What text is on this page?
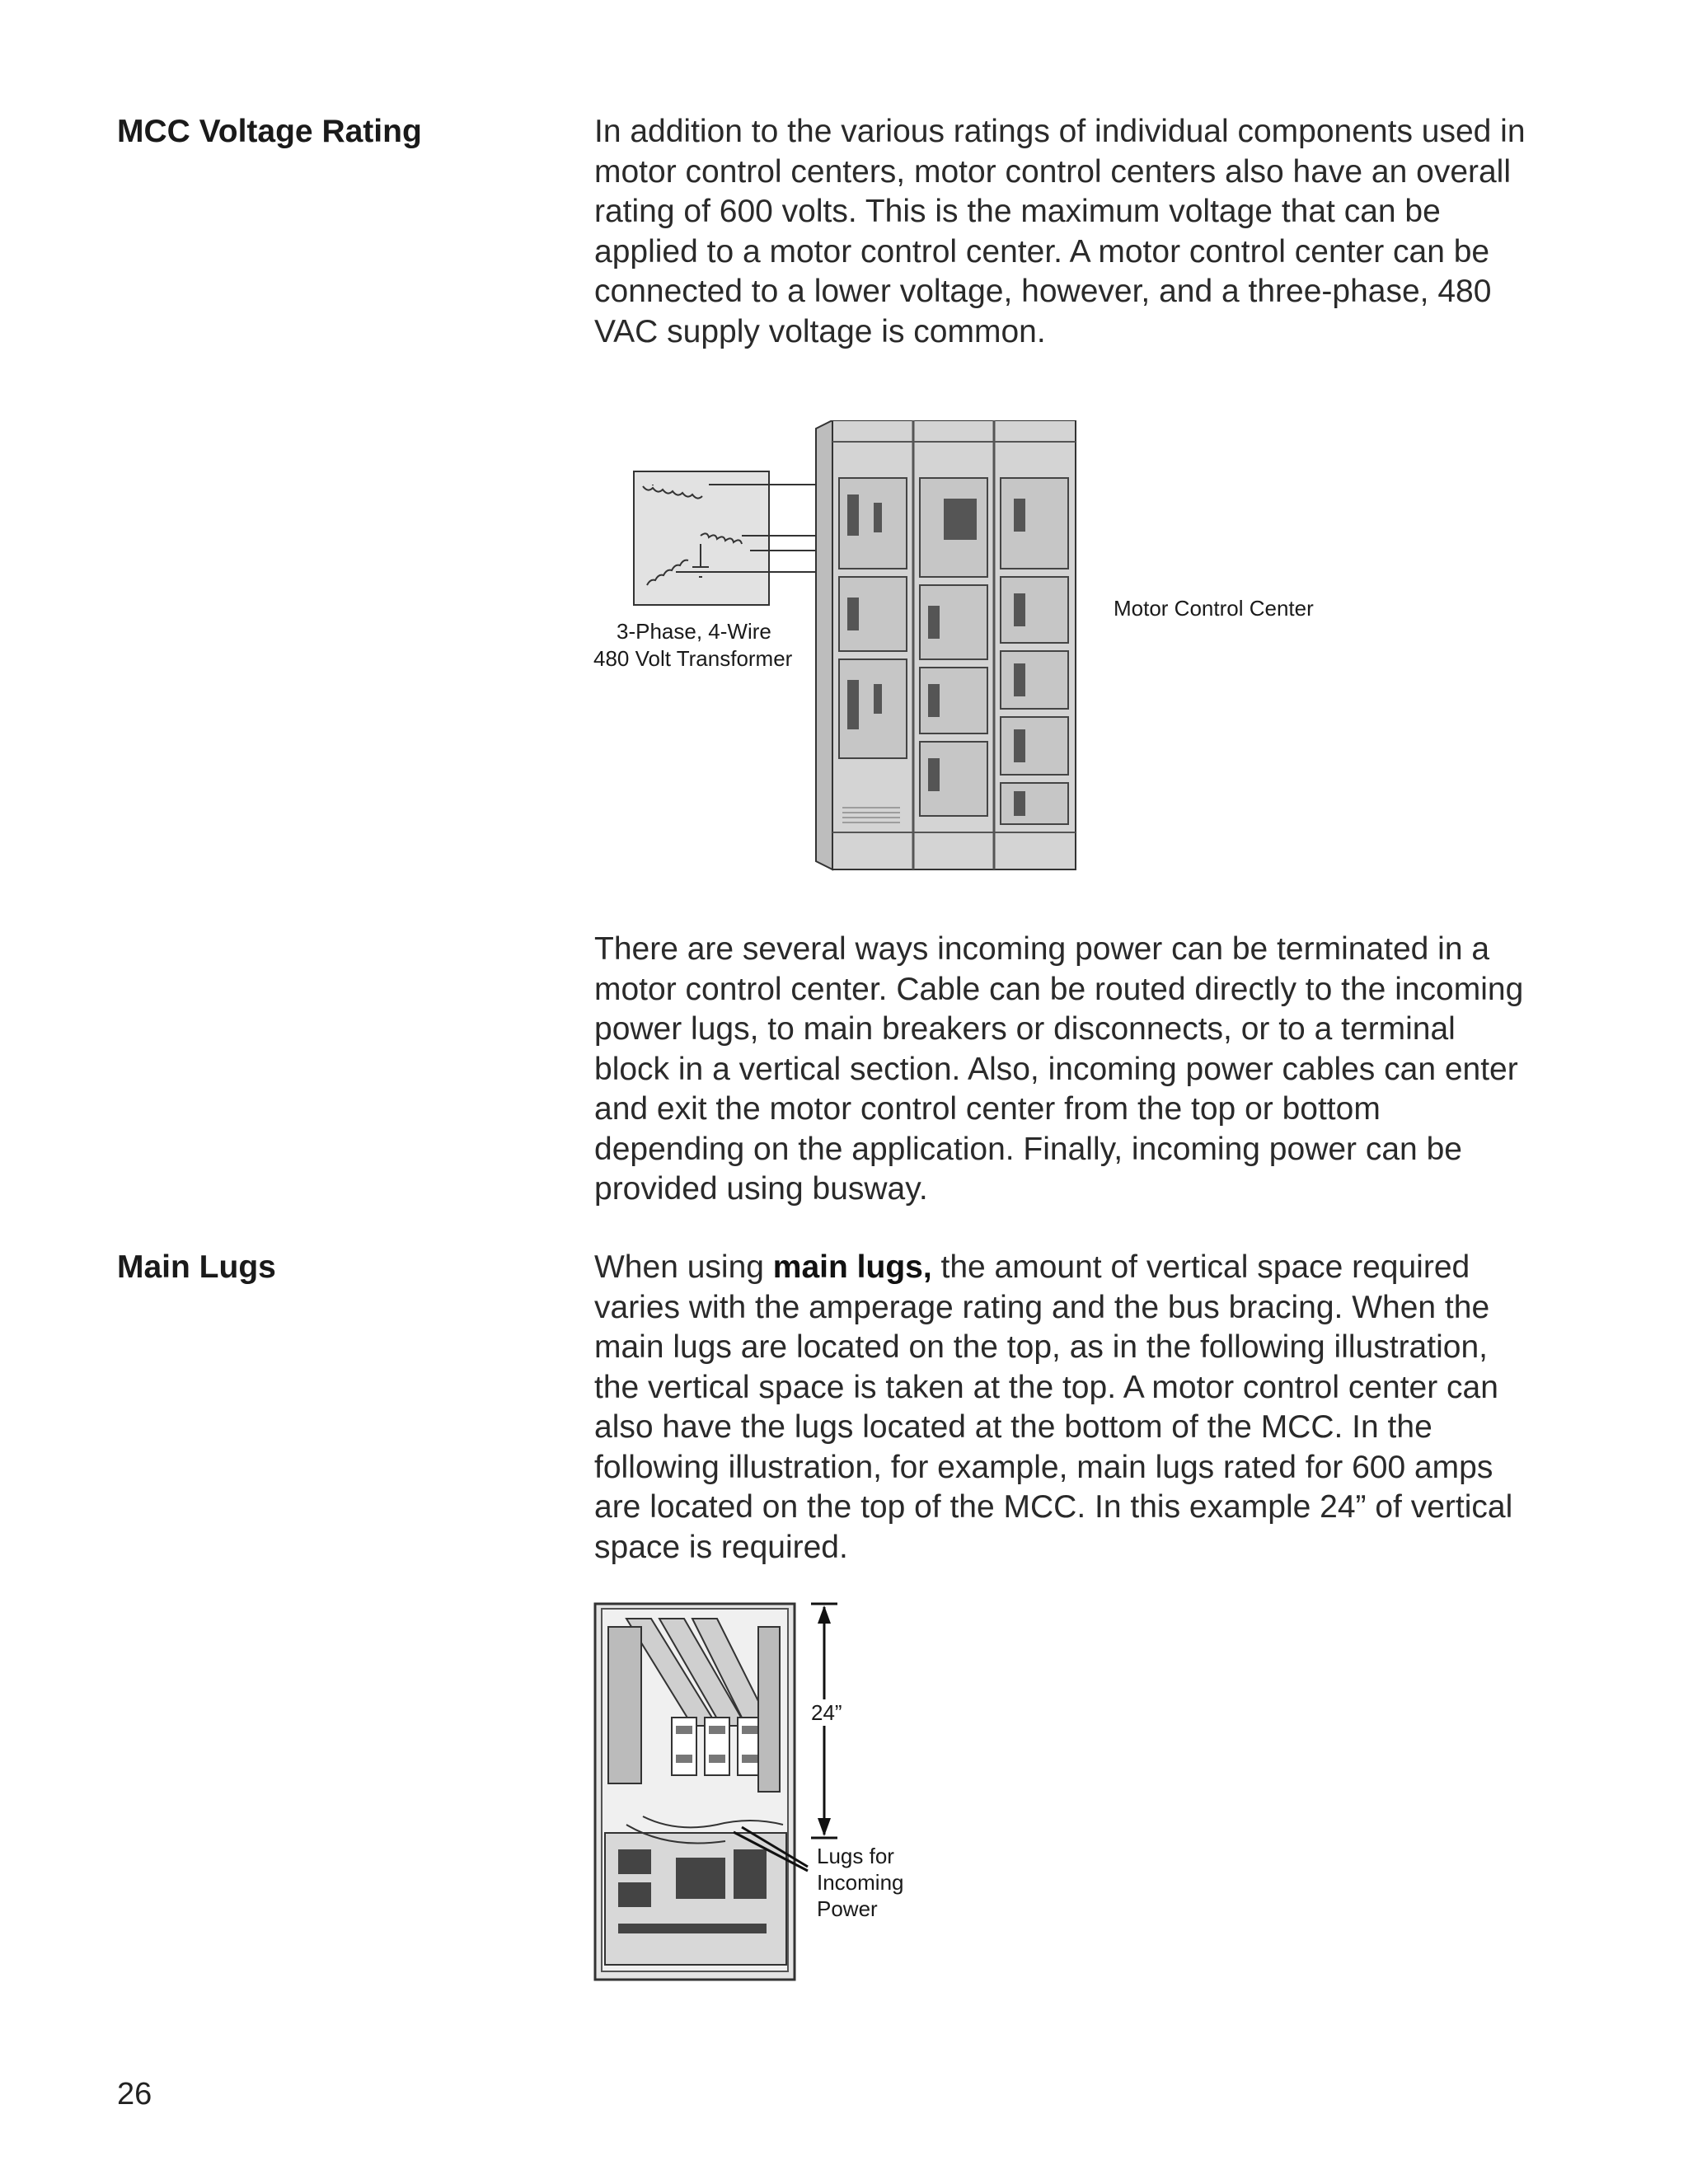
MCC Voltage Rating	In addition to the various ratings of individual components used in motor control centers, motor control centers also have an overall rating of 600 volts. This is the maximum voltage that can be applied to a motor control center. A motor control center can be connected to a lower voltage, however, and a three-phase, 480 VAC supply voltage is common.
3-Phase, 4-Wire
480 Volt Transformer
Motor Control Center
There are several ways incoming power can be terminated in a motor control center. Cable can be routed directly to the incoming power lugs, to main breakers or disconnects, or to a terminal block in a vertical section. Also, incoming power cables can enter and exit the motor control center from the top or bottom depending on the application. Finally, incoming power can be provided using busway.
Main Lugs	When using main lugs, the amount of vertical space required varies with the amperage rating and the bus bracing. When the main lugs are located on the top, as in the following illustration, the vertical space is taken at the top. A motor control center can also have the lugs located at the bottom of the MCC. In the following illustration, for example, main lugs rated for 600 amps are located on the top of the MCC. In this example 24” of vertical space is required.
24”
Lugs for
Incoming
Power
26
